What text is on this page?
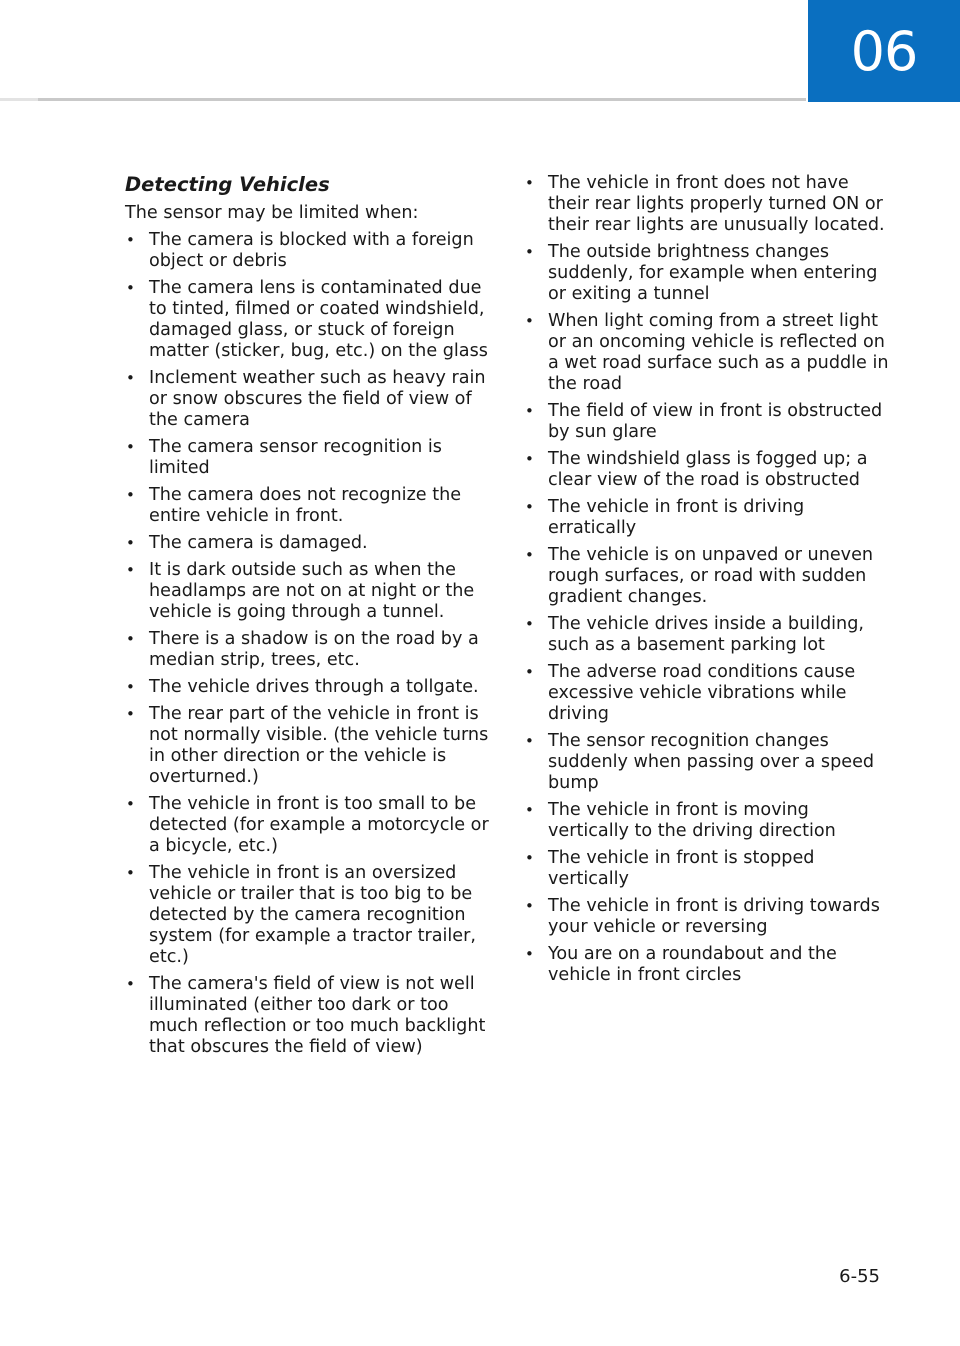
06
Detecting Vehicles
The sensor may be limited when:
• The camera is blocked with a foreign object or debris
• The camera lens is contaminated due to tinted, filmed or coated windshield, damaged glass, or stuck of foreign matter (sticker, bug, etc.) on the glass
• Inclement weather such as heavy rain or snow obscures the field of view of the camera
• The camera sensor recognition is limited
• The camera does not recognize the entire vehicle in front.
• The camera is damaged.
• It is dark outside such as when the headlamps are not on at night or the vehicle is going through a tunnel.
• There is a shadow is on the road by a median strip, trees, etc.
• The vehicle drives through a tollgate.
• The rear part of the vehicle in front is not normally visible. (the vehicle turns in other direction or the vehicle is overturned.)
• The vehicle in front is too small to be detected (for example a motorcycle or a bicycle, etc.)
• The vehicle in front is an oversized vehicle or trailer that is too big to be detected by the camera recognition system (for example a tractor trailer, etc.)
• The camera's field of view is not well illuminated (either too dark or too much reflection or too much backlight that obscures the field of view)
• The vehicle in front does not have their rear lights properly turned ON or their rear lights are unusually located.
• The outside brightness changes suddenly, for example when entering or exiting a tunnel
• When light coming from a street light or an oncoming vehicle is reflected on a wet road surface such as a puddle in the road
• The field of view in front is obstructed by sun glare
• The windshield glass is fogged up; a clear view of the road is obstructed
• The vehicle in front is driving erratically
• The vehicle is on unpaved or uneven rough surfaces, or road with sudden gradient changes.
• The vehicle drives inside a building, such as a basement parking lot
• The adverse road conditions cause excessive vehicle vibrations while driving
• The sensor recognition changes suddenly when passing over a speed bump
• The vehicle in front is moving vertically to the driving direction
• The vehicle in front is stopped vertically
• The vehicle in front is driving towards your vehicle or reversing
• You are on a roundabout and the vehicle in front circles
6-55
